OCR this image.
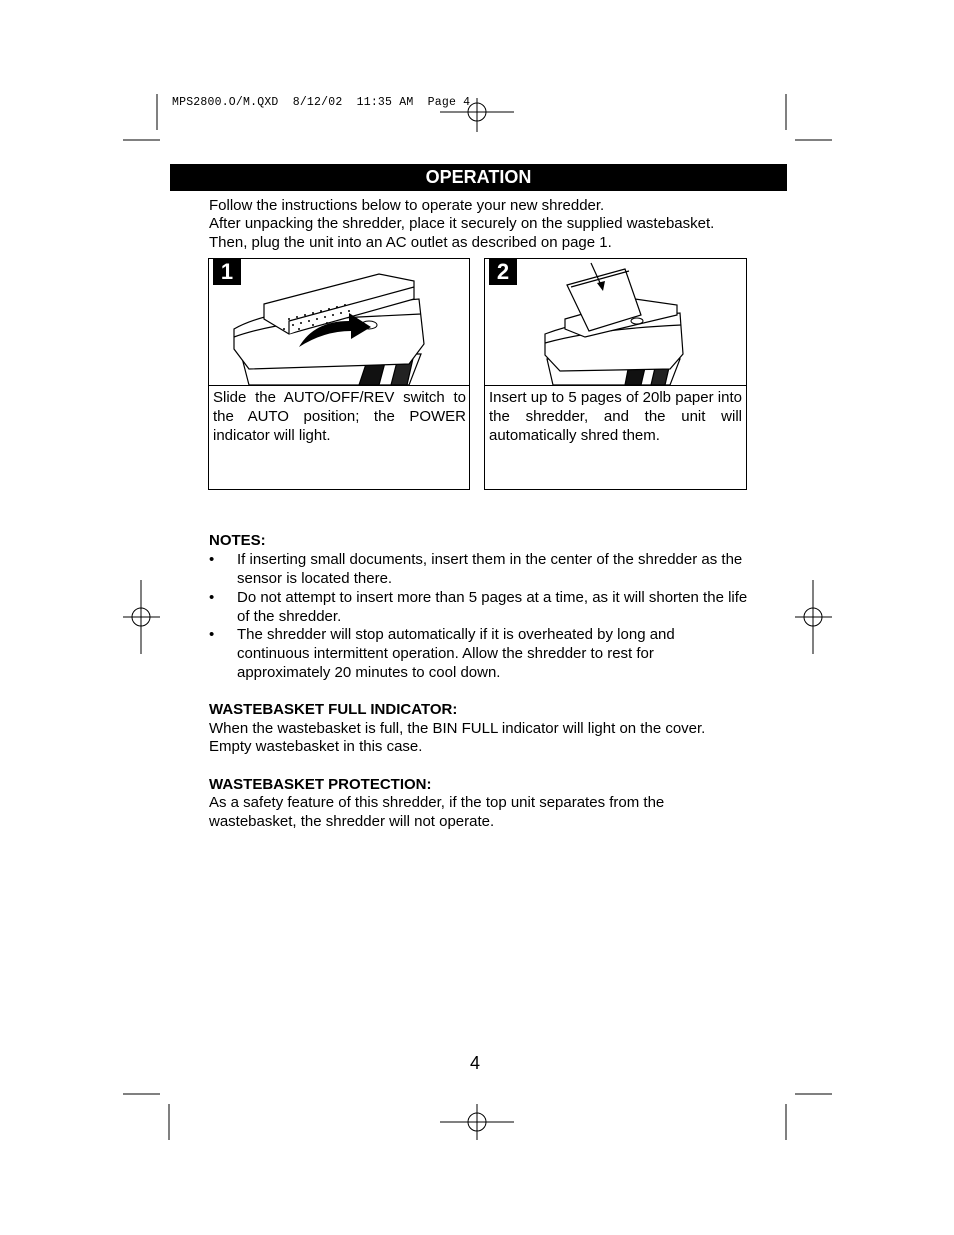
MPS2800.O/M.QXD  8/12/02  11:35 AM  Page 4
OPERATION
Follow the instructions below to operate your new shredder.
After unpacking the shredder, place it securely on the supplied wastebasket.
Then, plug the unit into an AC outlet as described on page 1.
1
Slide the AUTO/OFF/REV switch to the AUTO position; the POWER indicator will light.
2
Insert up to 5 pages of 20lb paper into the shredder, and the unit will automatically shred them.
NOTES:
• If inserting small documents, insert them in the center of the shredder as the sensor is located there.
• Do not attempt to insert more than 5 pages at a time, as it will shorten the life of the shredder.
• The shredder will stop automatically if it is overheated by long and continuous intermittent operation. Allow the shredder to rest for approximately 20 minutes to cool down.
WASTEBASKET FULL INDICATOR:
When the wastebasket is full, the BIN FULL indicator will light on the cover.
Empty wastebasket in this case.
WASTEBASKET PROTECTION:
As a safety feature of this shredder, if the top unit separates from the
wastebasket, the shredder will not operate.
4
